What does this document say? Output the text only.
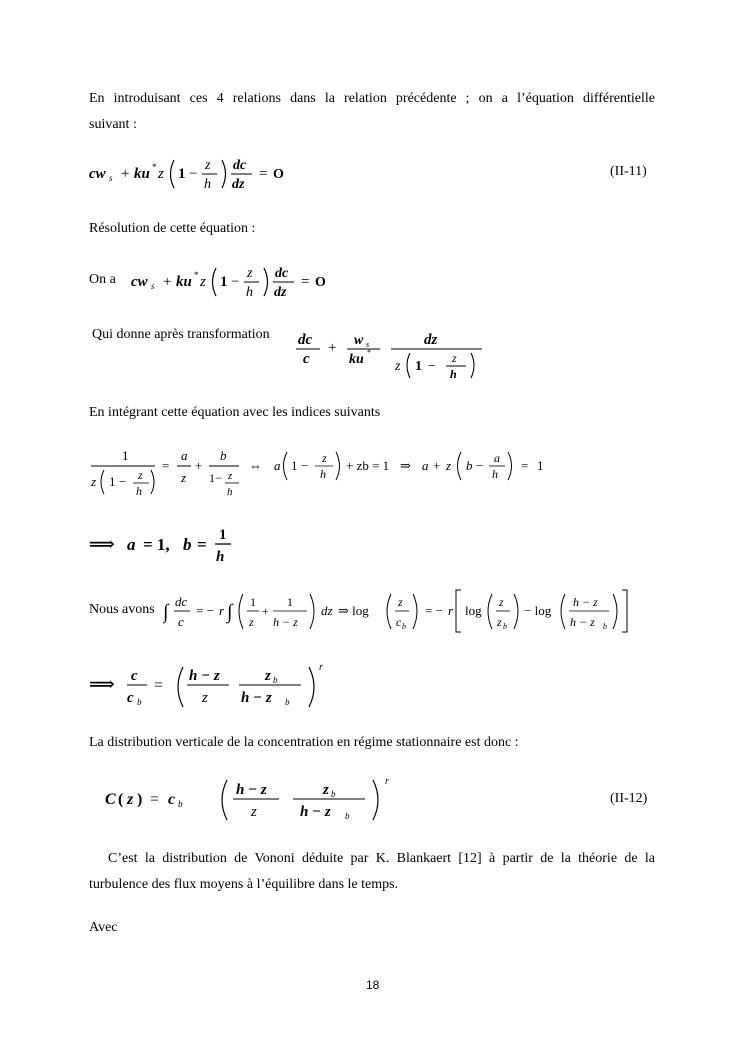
En introduisant ces 4 relations dans la relation précédente ; on a l’équation différentielle
suivant :
cw s + ku * z 1 −
z
h
dc
dz
= O	(II-11)
Résolution de cette équation :
On a cw s + ku * z 1 −
z
h
dc
dz
= O
Qui donne après transformation dc
c
+ w s
ku *
dz
z 1 −
z
h
En intégrant cette équation avec les indices suivants
1
z 1 − z
h
=
a
z
+
b
1− z
h
⇔ a 1 − z
h
+ zb = 1 ⇒ a + z b − a
h
= 1
⟹ a = 1, b = 1
h
Nous avons ∫ dc
c
= − r ∫ 1
z
+
1
h − z
dz ⇒ log
z
c b
= − r log
z
z b
− log
h − z
h − z b
⟹ c
c b
=
h − z
z
z b
h − z b
r
La distribution verticale de la concentration en régime stationnaire est donc :
C ( z ) = c b
h − z
z
z b
h − z b
r
(II-12)
C’est la distribution de Vononi déduite par K. Blankaert [12] à partir de la théorie de la
turbulence des flux moyens à l’équilibre dans le temps.
Avec
18
